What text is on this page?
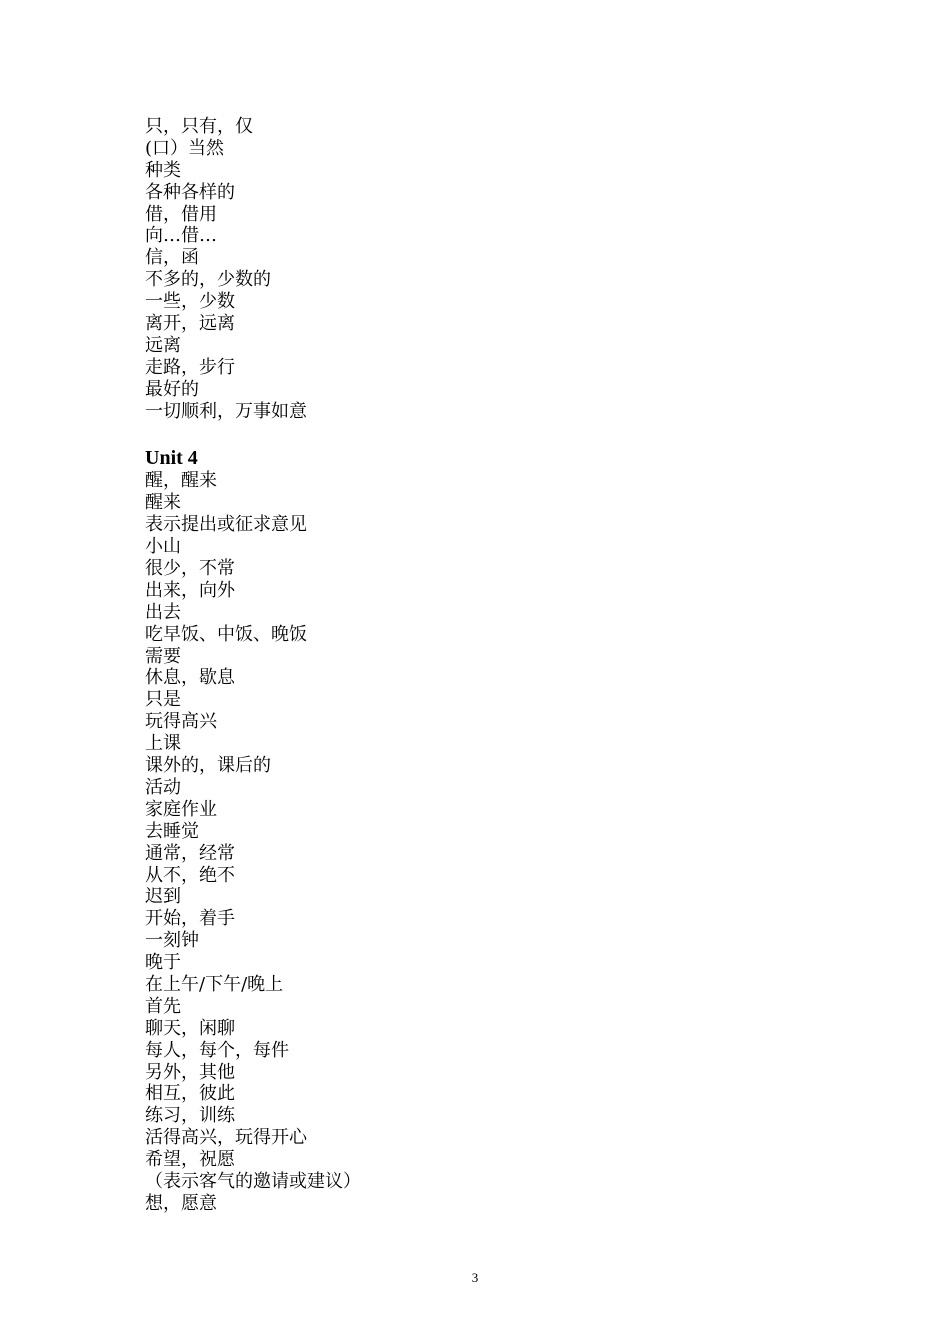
只，只有，仅
(口）当然
种类
各种各样的
借，借用
向…借…
信，函
不多的，少数的
一些，少数
离开，远离
远离
走路，步行
最好的
一切顺利，万事如意
Unit 4
醒，醒来
醒来
表示提出或征求意见
小山
很少，不常
出来，向外
出去
吃早饭、中饭、晚饭
需要
休息，歇息
只是
玩得高兴
上课
课外的，课后的
活动
家庭作业
去睡觉
通常，经常
从不，绝不
迟到
开始，着手
一刻钟
晚于
在上午/下午/晚上
首先
聊天，闲聊
每人，每个，每件
另外，其他
相互，彼此
练习，训练
活得高兴，玩得开心
希望，祝愿
（表示客气的邀请或建议）
想，愿意
3
